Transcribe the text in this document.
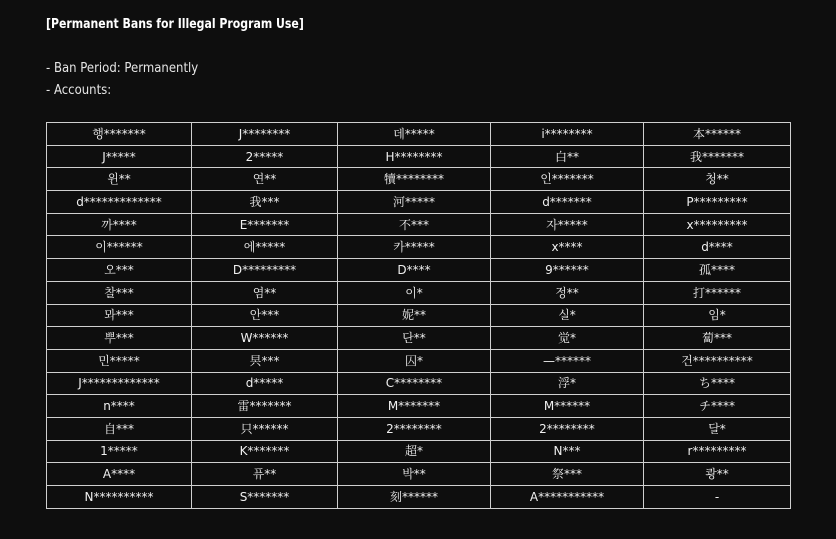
[Permanent Bans for Illegal Program Use]
- Ban Period: Permanently
- Accounts:
행*******	J********	데*****	i********	本******
J*****	2*****	H********	白**	我*******
윈**	연**	犢********	인*******	청**
d*************	我***	河*****	d*******	P*********
까****	E*******	不***	자*****	x*********
이******	에*****	카*****	x****	d****
오***	D*********	D****	9******	孤****
찰***	염**	이*	정**	打******
뫄***	안***	妮**	실*	임*
뿌***	W******	단**	觉*	蔔***
민*****	昗***	囚*	—******	건**********
J*************	d*****	C********	浮*	ち****
n****	雷*******	M*******	M******	チ****
自***	只******	2********	2********	달*
1*****	K*******	超*	N***	r*********
A****	퓨**	박**	祭***	쾅**
N**********	S*******	刻******	A***********	-
